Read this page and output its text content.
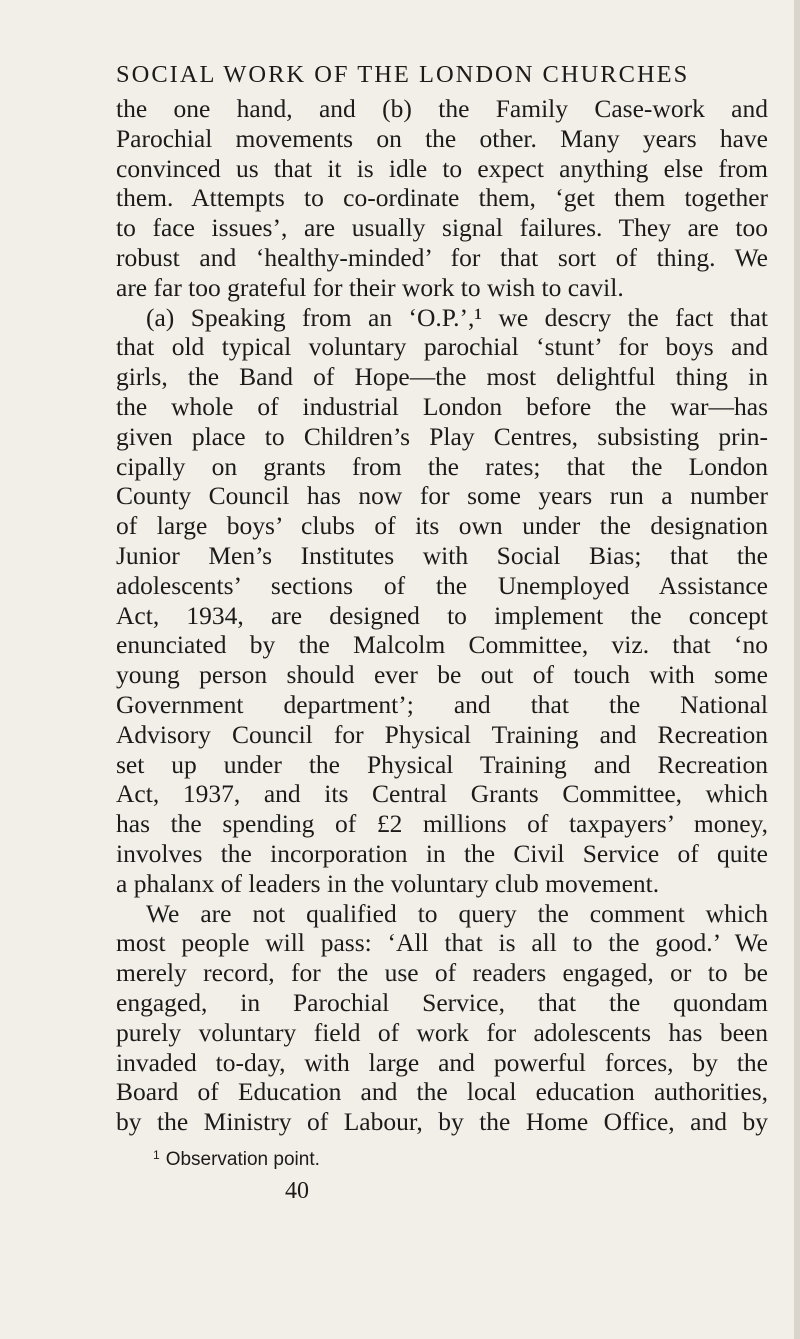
SOCIAL WORK OF THE LONDON CHURCHES
the one hand, and (b) the Family Case-work and
Parochial movements on the other. Many years have
convinced us that it is idle to expect anything else from
them. Attempts to co-ordinate them, ‘get them together
to face issues’, are usually signal failures. They are too
robust and ‘healthy-minded’ for that sort of thing. We
are far too grateful for their work to wish to cavil.
(a) Speaking from an ‘O.P.’,¹ we descry the fact that
that old typical voluntary parochial ‘stunt’ for boys and
girls, the Band of Hope—the most delightful thing in
the whole of industrial London before the war—has
given place to Children’s Play Centres, subsisting prin-
cipally on grants from the rates; that the London
County Council has now for some years run a number
of large boys’ clubs of its own under the designation
Junior Men’s Institutes with Social Bias; that the
adolescents’ sections of the Unemployed Assistance
Act, 1934, are designed to implement the concept
enunciated by the Malcolm Committee, viz. that ‘no
young person should ever be out of touch with some
Government department’; and that the National
Advisory Council for Physical Training and Recreation
set up under the Physical Training and Recreation
Act, 1937, and its Central Grants Committee, which
has the spending of £2 millions of taxpayers’ money,
involves the incorporation in the Civil Service of quite
a phalanx of leaders in the voluntary club movement.
We are not qualified to query the comment which
most people will pass: ‘All that is all to the good.’ We
merely record, for the use of readers engaged, or to be
engaged, in Parochial Service, that the quondam
purely voluntary field of work for adolescents has been
invaded to-day, with large and powerful forces, by the
Board of Education and the local education authorities,
by the Ministry of Labour, by the Home Office, and by
$^1$ Observation point.
40
